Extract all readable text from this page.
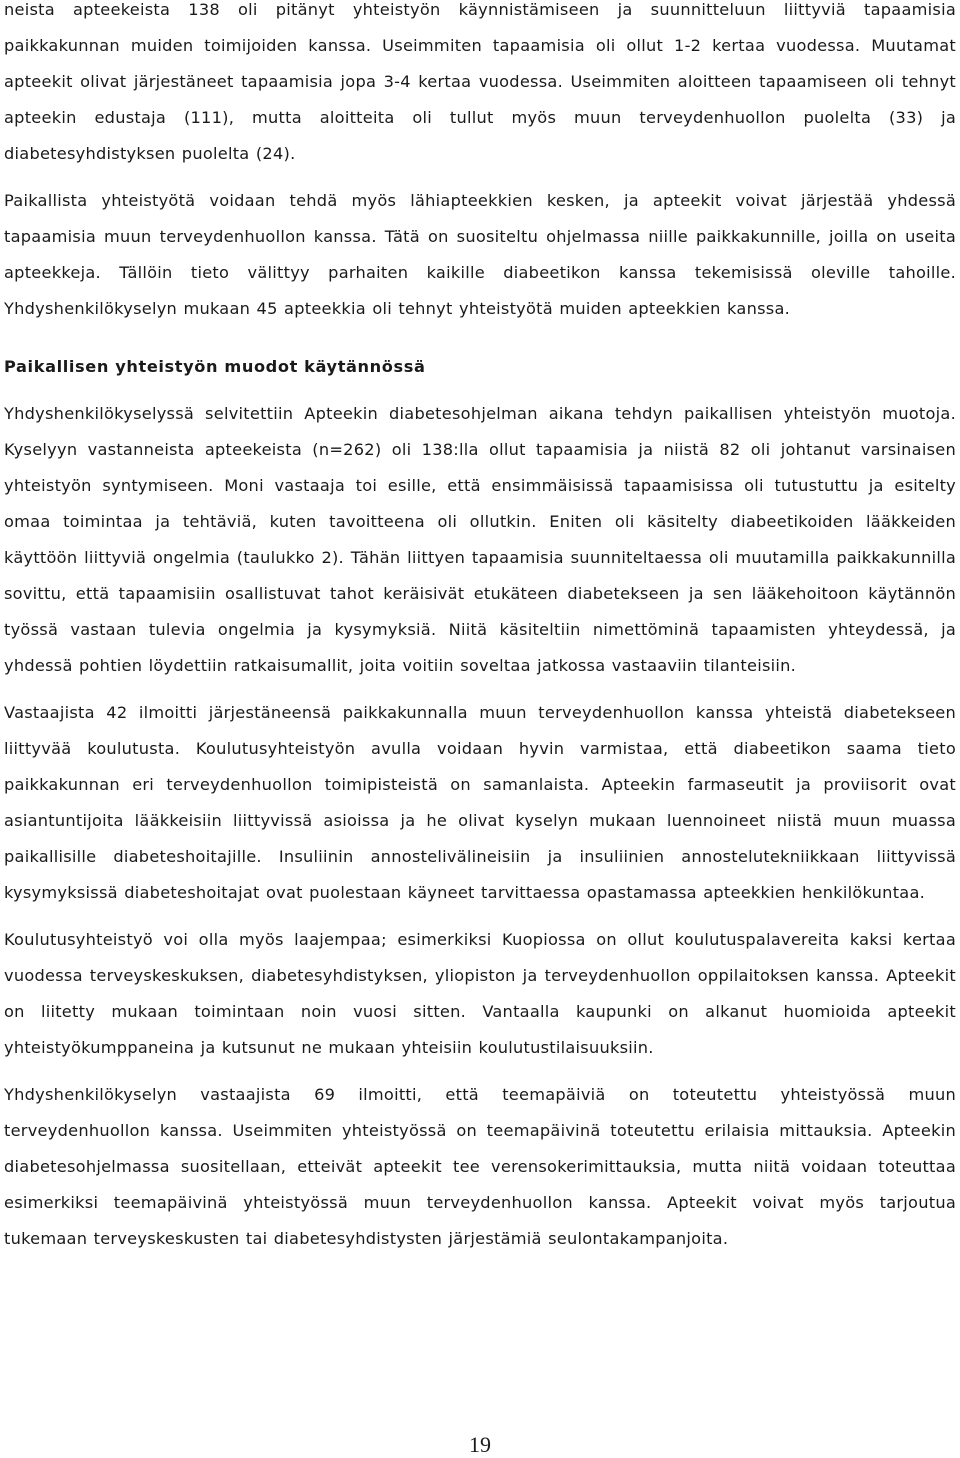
neista apteekeista 138 oli pitänyt yhteistyön käynnistämiseen ja suunnitteluun liittyviä tapaamisia paikkakunnan muiden toimijoiden kanssa. Useimmiten tapaamisia oli ollut 1-2 kertaa vuodessa. Muutamat apteekit olivat järjestäneet tapaamisia jopa 3-4 kertaa vuodessa. Useimmiten aloitteen tapaamiseen oli tehnyt apteekin edustaja (111), mutta aloitteita oli tullut myös muun terveydenhuollon puolelta (33) ja diabetesyhdistyksen puolelta (24).

Paikallista yhteistyötä voidaan tehdä myös lähiapteekkien kesken, ja apteekit voivat järjestää yhdessä tapaamisia muun terveydenhuollon kanssa. Tätä on suositeltu ohjelmassa niille paikkakunnille, joilla on useita apteekkeja. Tällöin tieto välittyy parhaiten kaikille diabeetikon kanssa tekemisissä oleville tahoille. Yhdyshenkilökyselyn mukaan 45 apteekkia oli tehnyt yhteistyötä muiden apteekkien kanssa.

Paikallisen yhteistyön muodot käytännössä

Yhdyshenkilökyselyssä selvitettiin Apteekin diabetesohjelman aikana tehdyn paikallisen yhteistyön muotoja. Kyselyyn vastanneista apteekeista (n=262) oli 138:lla ollut tapaamisia ja niistä 82 oli johtanut varsinaisen yhteistyön syntymiseen. Moni vastaaja toi esille, että ensimmäisissä tapaamisissa oli tutustuttu ja esitelty omaa toimintaa ja tehtäviä, kuten tavoitteena oli ollutkin. Eniten oli käsitelty diabeetikoiden lääkkeiden käyttöön liittyviä ongelmia (taulukko 2). Tähän liittyen tapaamisia suunniteltaessa oli muutamilla paikkakunnilla sovittu, että tapaamisiin osallistuvat tahot keräisivät etukäteen diabetekseen ja sen lääkehoitoon käytännön työssä vastaan tulevia ongelmia ja kysymyksiä. Niitä käsiteltiin nimettöminä tapaamisten yhteydessä, ja yhdessä pohtien löydettiin ratkaisumallit, joita voitiin soveltaa jatkossa vastaaviin tilanteisiin.

Vastaajista 42 ilmoitti järjestäneensä paikkakunnalla muun terveydenhuollon kanssa yhteistä diabetekseen liittyvää koulutusta. Koulutusyhteistyön avulla voidaan hyvin varmistaa, että diabeetikon saama tieto paikkakunnan eri terveydenhuollon toimipisteistä on samanlaista. Apteekin farmaseutit ja proviisorit ovat asiantuntijoita lääkkeisiin liittyvissä asioissa ja he olivat kyselyn mukaan luennoineet niistä muun muassa paikallisille diabeteshoitajille. Insuliinin annostelivälineisiin ja insuliinien annostelutekniikkaan liittyvissä kysymyksissä diabeteshoitajat ovat puolestaan käyneet tarvittaessa opastamassa apteekkien henkilökuntaa.

Koulutusyhteistyö voi olla myös laajempaa; esimerkiksi Kuopiossa on ollut koulutuspalavereita kaksi kertaa vuodessa terveyskeskuksen, diabetesyhdistyksen, yliopiston ja terveydenhuollon oppilaitoksen kanssa. Apteekit on liitetty mukaan toimintaan noin vuosi sitten. Vantaalla kaupunki on alkanut huomioida apteekit yhteistyökumppaneina ja kutsunut ne mukaan yhteisiin koulutustilaisuuksiin.

Yhdyshenkilökyselyn vastaajista 69 ilmoitti, että teemapäiviä on toteutettu yhteistyössä muun terveydenhuollon kanssa. Useimmiten yhteistyössä on teemapäivinä toteutettu erilaisia mittauksia. Apteekin diabetesohjelmassa suositellaan, etteivät apteekit tee verensokerimittauksia, mutta niitä voidaan toteuttaa esimerkiksi teemapäivinä yhteistyössä muun terveydenhuollon kanssa. Apteekit voivat myös tarjoutua tukemaan terveyskeskusten tai diabetesyhdistysten järjestämiä seulontakampanjoita.

19
